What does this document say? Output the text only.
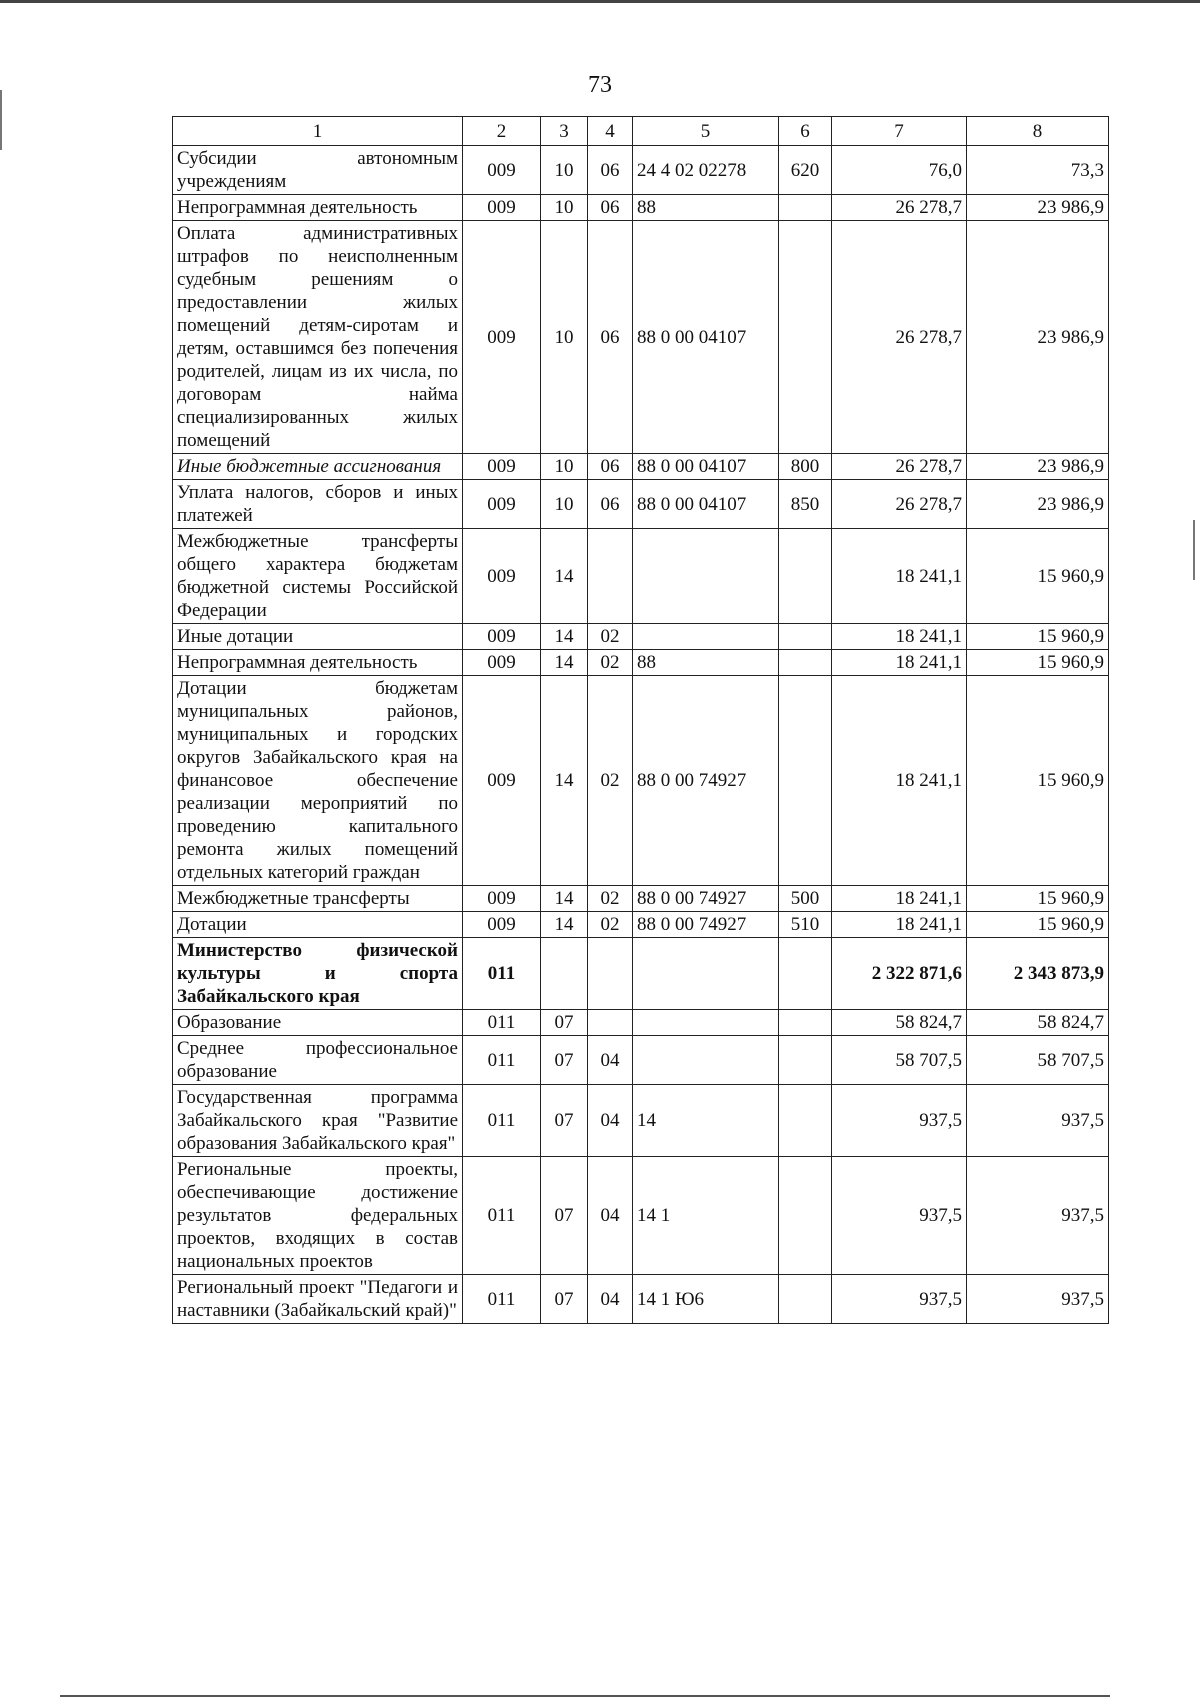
73
1	2	3	4	5	6	7	8
Субсидии автономным учреждениям	009	10	06	24 4 02 02278	620	76,0	73,3
Непрограммная деятельность	009	10	06	88		26 278,7	23 986,9
Оплата административных штрафов по неисполненным судебным решениям о предоставлении жилых помещений детям-сиротам и детям, оставшимся без попечения родителей, лицам из их числа, по договорам найма специализированных жилых помещений	009	10	06	88 0 00 04107		26 278,7	23 986,9
Иные бюджетные ассигнования	009	10	06	88 0 00 04107	800	26 278,7	23 986,9
Уплата налогов, сборов и иных платежей	009	10	06	88 0 00 04107	850	26 278,7	23 986,9
Межбюджетные трансферты общего характера бюджетам бюджетной системы Российской Федерации	009	14				18 241,1	15 960,9
Иные дотации	009	14	02			18 241,1	15 960,9
Непрограммная деятельность	009	14	02	88		18 241,1	15 960,9
Дотации бюджетам муниципальных районов, муниципальных и городских округов Забайкальского края на финансовое обеспечение реализации мероприятий по проведению капитального ремонта жилых помещений отдельных категорий граждан	009	14	02	88 0 00 74927		18 241,1	15 960,9
Межбюджетные трансферты	009	14	02	88 0 00 74927	500	18 241,1	15 960,9
Дотации	009	14	02	88 0 00 74927	510	18 241,1	15 960,9
Министерство физической культуры и спорта Забайкальского края	011					2 322 871,6	2 343 873,9
Образование	011	07				58 824,7	58 824,7
Среднее профессиональное образование	011	07	04			58 707,5	58 707,5
Государственная программа Забайкальского края "Развитие образования Забайкальского края"	011	07	04	14		937,5	937,5
Региональные проекты, обеспечивающие достижение результатов федеральных проектов, входящих в состав национальных проектов	011	07	04	14 1		937,5	937,5
Региональный проект "Педагоги и наставники (Забайкальский край)"	011	07	04	14 1 Ю6		937,5	937,5
